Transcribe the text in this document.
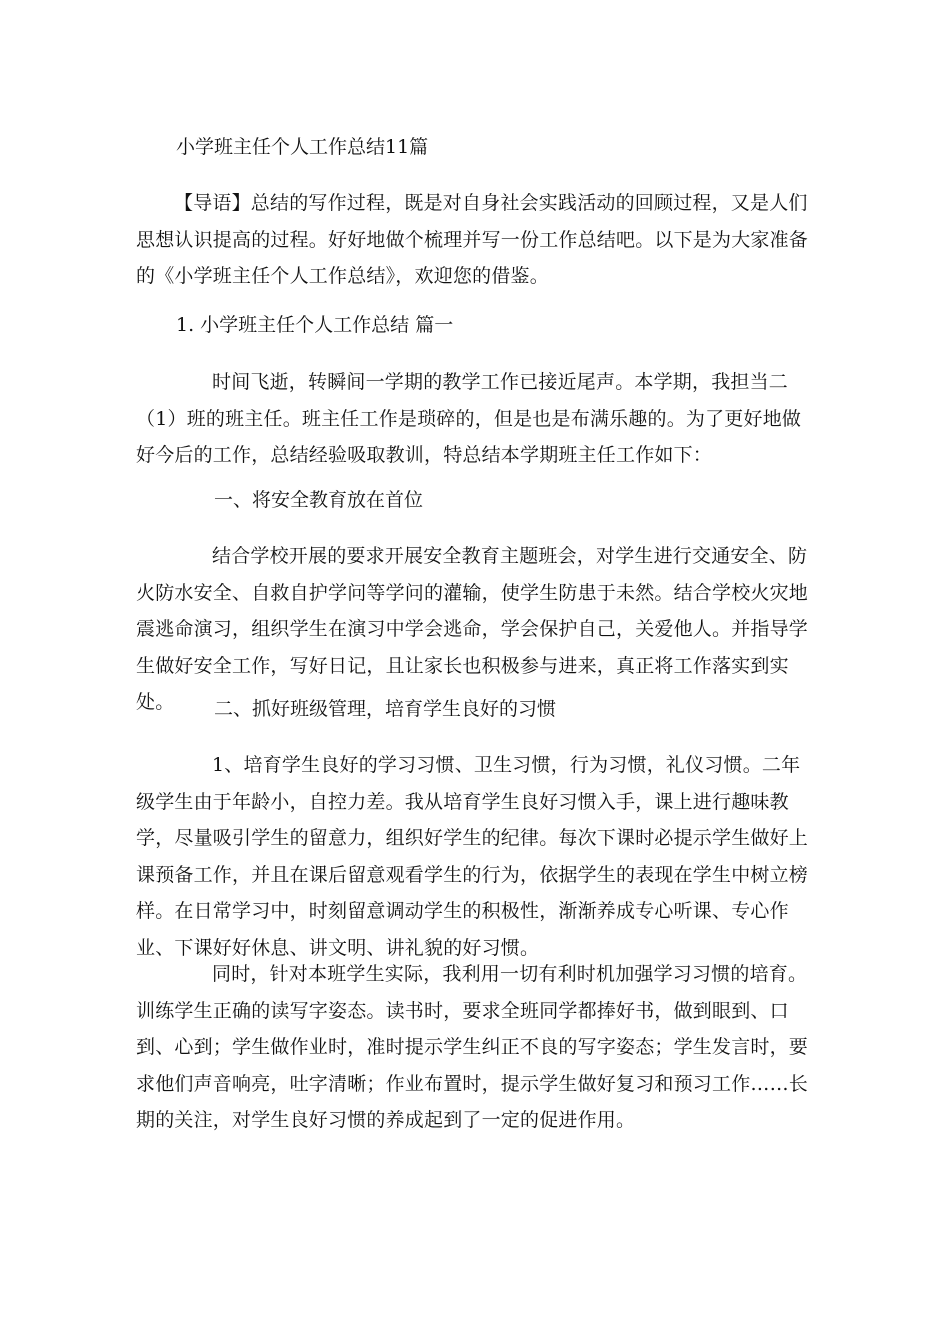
小学班主任个人工作总结11篇
【导语】总结的写作过程，既是对自身社会实践活动的回顾过程，又是人们思想认识提高的过程。好好地做个梳理并写一份工作总结吧。以下是为大家准备的《小学班主任个人工作总结》，欢迎您的借鉴。
1. 小学班主任个人工作总结 篇一
时间飞逝，转瞬间一学期的教学工作已接近尾声。本学期，我担当二（1）班的班主任。班主任工作是琐碎的，但是也是布满乐趣的。为了更好地做好今后的工作，总结经验吸取教训，特总结本学期班主任工作如下：
一、将安全教育放在首位
结合学校开展的要求开展安全教育主题班会，对学生进行交通安全、防火防水安全、自救自护学问等学问的灌输，使学生防患于未然。结合学校火灾地震逃命演习，组织学生在演习中学会逃命，学会保护自己，关爱他人。并指导学生做好安全工作，写好日记，且让家长也积极参与进来，真正将工作落实到实处。	二、抓好班级管理，培育学生良好的习惯
1、培育学生良好的学习习惯、卫生习惯，行为习惯，礼仪习惯。二年级学生由于年龄小，自控力差。我从培育学生良好习惯入手，课上进行趣味教学，尽量吸引学生的留意力，组织好学生的纪律。每次下课时必提示学生做好上课预备工作，并且在课后留意观看学生的行为，依据学生的表现在学生中树立榜样。在日常学习中，时刻留意调动学生的积极性，渐渐养成专心听课、专心作业、下课好好休息、讲文明、讲礼貌的好习惯。
同时，针对本班学生实际，我利用一切有利时机加强学习习惯的培育。训练学生正确的读写字姿态。读书时，要求全班同学都捧好书，做到眼到、口到、心到；学生做作业时，准时提示学生纠正不良的写字姿态；学生发言时，要求他们声音响亮，吐字清晰；作业布置时，提示学生做好复习和预习工作……长期的关注，对学生良好习惯的养成起到了一定的促进作用。
